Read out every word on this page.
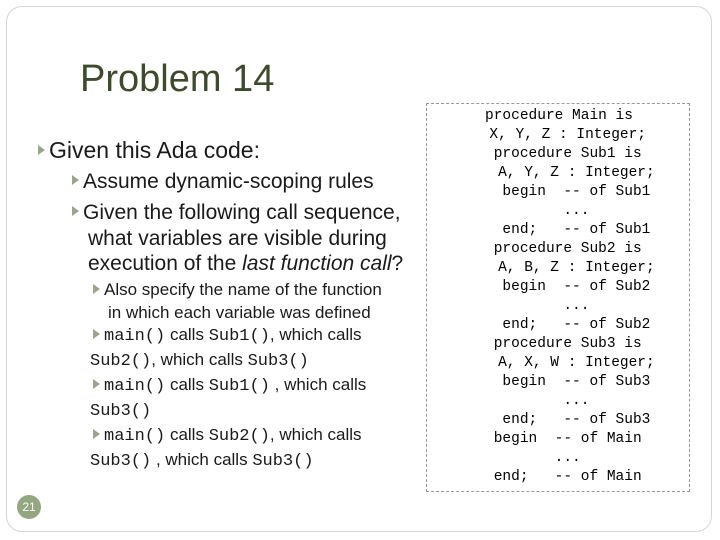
Problem 14
Given this Ada code:
Assume dynamic-scoping rules
Given the following call sequence,
what variables are visible during
execution of the last function call?
Also specify the name of the function
in which each variable was defined
main() calls Sub1(), which calls
Sub2(), which calls Sub3()
main() calls Sub1() , which calls
Sub3()
main() calls Sub2(), which calls
Sub3() , which calls Sub3()
procedure Main is
X, Y, Z : Integer;
procedure Sub1 is
A, Y, Z : Integer;
begin  -- of Sub1
...
end;   -- of Sub1
procedure Sub2 is
A, B, Z : Integer;
begin  -- of Sub2
...
end;   -- of Sub2
procedure Sub3 is
A, X, W : Integer;
begin  -- of Sub3
...
end;   -- of Sub3
begin  -- of Main
...
end;   -- of Main
21
